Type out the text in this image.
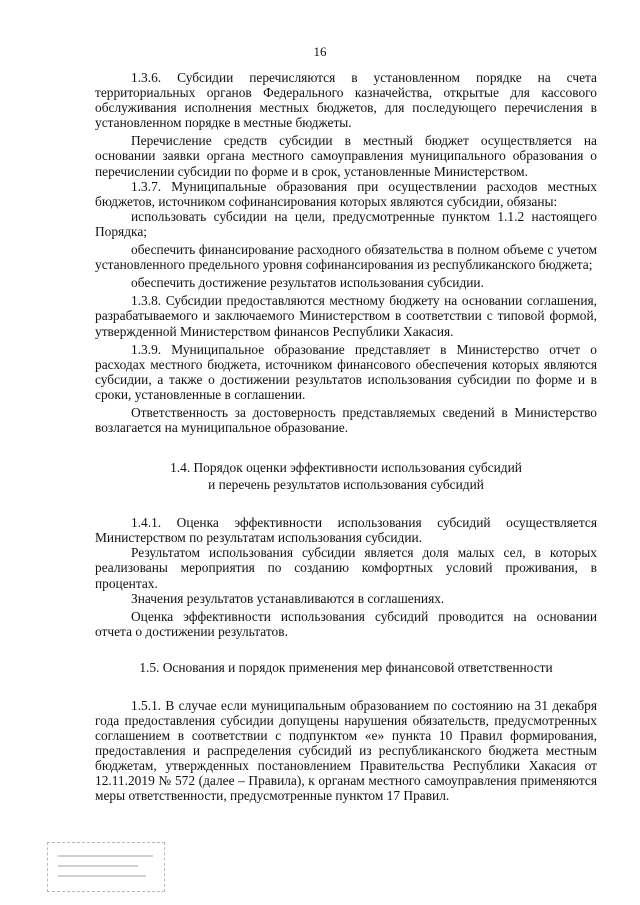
16

1.3.6. Субсидии перечисляются в установленном порядке на счета территориальных органов Федерального казначейства, открытые для кассового обслуживания исполнения местных бюджетов, для последующего перечисления в установленном порядке в местные бюджеты.

Перечисление средств субсидии в местный бюджет осуществляется на основании заявки органа местного самоуправления муниципального образования о перечислении субсидии по форме и в срок, установленные Министерством.

1.3.7. Муниципальные образования при осуществлении расходов местных бюджетов, источником софинансирования которых являются субсидии, обязаны:

использовать субсидии на цели, предусмотренные пунктом 1.1.2 настоящего Порядка;

обеспечить финансирование расходного обязательства в полном объеме с учетом установленного предельного уровня софинансирования из республиканского бюджета;

обеспечить достижение результатов использования субсидии.

1.3.8. Субсидии предоставляются местному бюджету на основании соглашения, разрабатываемого и заключаемого Министерством в соответствии с типовой формой, утвержденной Министерством финансов Республики Хакасия.

1.3.9. Муниципальное образование представляет в Министерство отчет о расходах местного бюджета, источником финансового обеспечения которых являются субсидии, а также о достижении результатов использования субсидии по форме и в сроки, установленные в соглашении.

Ответственность за достоверность представляемых сведений в Министерство возлагается на муниципальное образование.

1.4. Порядок оценки эффективности использования субсидий
и перечень результатов использования субсидий

1.4.1. Оценка эффективности использования субсидий осуществляется Министерством по результатам использования субсидии.

Результатом использования субсидии является доля малых сел, в которых реализованы мероприятия по созданию комфортных условий проживания, в процентах.

Значения результатов устанавливаются в соглашениях.

Оценка эффективности использования субсидий проводится на основании отчета о достижении результатов.

1.5. Основания и порядок применения мер финансовой ответственности

1.5.1. В случае если муниципальным образованием по состоянию на 31 декабря года предоставления субсидии допущены нарушения обязательств, предусмотренных соглашением в соответствии с подпунктом «е» пункта 10 Правил формирования, предоставления и распределения субсидий из республиканского бюджета местным бюджетам, утвержденных постановлением Правительства Республики Хакасия от 12.11.2019 № 572 (далее – Правила), к органам местного самоуправления применяются меры ответственности, предусмотренные пунктом 17 Правил.
